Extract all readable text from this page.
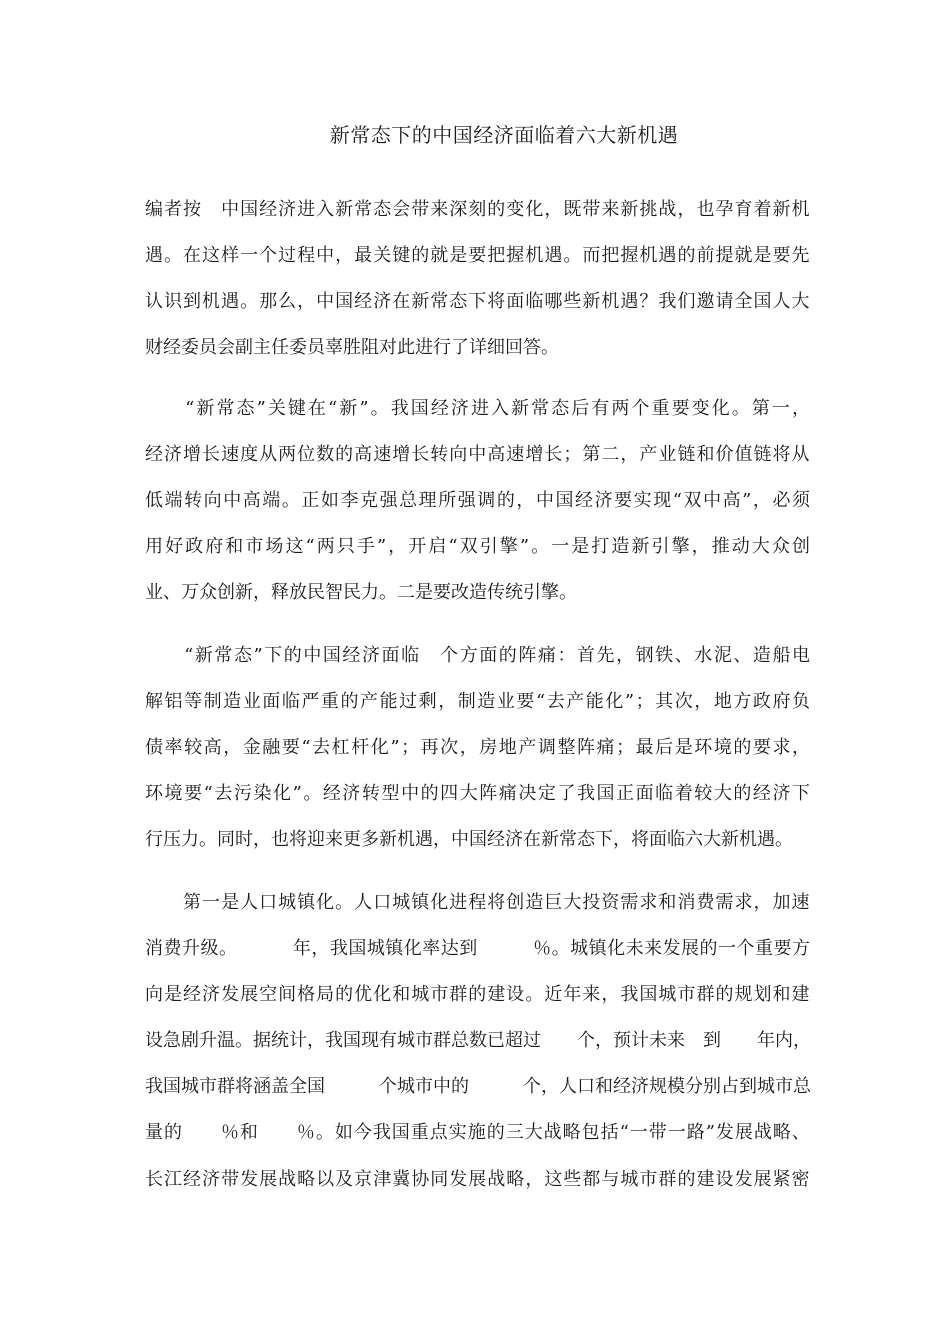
新常态下的中国经济面临着六大新机遇
编 者 按
　 中 国 经 济 进 入 新 常 态 会 带 来 深 刻 的 变 化 ， 既 带 来 新 挑 战 ， 也 孕 育 着 新 机
遇 。 在 这 样 一 个 过 程 中 ， 最 关 键 的 就 是 要 把 握 机 遇 。 而 把 握 机 遇 的 前 提 就 是 要 先
认 识 到 机 遇 。 那 么 ， 中 国 经 济 在 新 常 态 下 将 面 临 哪 些 新 机 遇 ？ 我 们 邀 请 全 国 人 大
财经委员会副主任委员辜胜阻对此进行了详细回答。

“ 新 常 态 ” 关 键 在 “ 新 ” 。 我 国 经 济 进 入 新 常 态 后 有 两 个 重 要 变 化 。 第 一 ，
经 济 增 长 速 度 从 两 位 数 的 高 速 增 长 转 向 中 高 速 增 长 ； 第 二 ， 产 业 链 和 价 值 链 将 从
低 端 转 向 中 高 端 。 正 如 李 克 强 总 理 所 强 调 的 ， 中 国 经 济 要 实 现 “ 双 中 高 ” ， 必 须
用 好 政 府 和 市 场 这 “ 两 只 手 ” ， 开 启 “ 双 引 擎 ” 。 一 是 打 造 新 引 擎 ， 推 动 大 众 创
业、万众创新，释放民智民力。二是要改造传统引擎。

“ 新 常 态 ” 下 的 中 国 经 济 面 临
　 个 方 面 的 阵 痛 ： 首 先 ， 钢 铁 、 水 泥 、 造 船 电
解 铝 等 制 造 业 面 临 严 重 的 产 能 过 剩 ， 制 造 业 要 “ 去 产 能 化 ” ； 其 次 ， 地 方 政 府 负
债 率 较 高 ， 金 融 要 “ 去 杠 杆 化 ” ； 再 次 ， 房 地 产 调 整 阵 痛 ； 最 后 是 环 境 的 要 求 ，
环 境 要 “ 去 污 染 化 ” 。 经 济 转 型 中 的 四 大 阵 痛 决 定 了 我 国 正 面 临 着 较 大 的 经 济 下
行压力。同时，也将迎来更多新机遇，中国经济在新常态下，将面临六大新机遇。

第 一 是 人 口 城 镇 化 。 人 口 城 镇 化 进 程 将 创 造 巨 大 投 资 需 求 和 消 费 需 求 ， 加 速
消 费 升 级 。

　	年 ， 我 国 城 镇 化 率 达 到

　	％ 。 城 镇 化 未 来 发 展 的 一 个 重 要 方
向 是 经 济 发 展 空 间 格 局 的 优 化 和 城 市 群 的 建 设 。 近 年 来 ， 我 国 城 市 群 的 规 划 和 建
设 急 剧 升 温 。 据 统 计 ， 我 国 现 有 城 市 群 总 数 已 超 过

　 个 ， 预 计 未 来
　 到

　 年 内 ，
我 国 城 市 群 将 涵 盖 全 国

　	个 城 市 中 的

　	个 ， 人 口 和 经 济 规 模 分 别 占 到 城 市 总
量 的

　 ％ 和

　 ％ 。 如 今 我 国 重 点 实 施 的 三 大 战 略 包 括 “ 一 带 一 路 ” 发 展 战 略 、
长 江 经 济 带 发 展 战 略 以 及 京 津 冀 协 同 发 展 战 略 ， 这 些 都 与 城 市 群 的 建 设 发 展 紧 密
